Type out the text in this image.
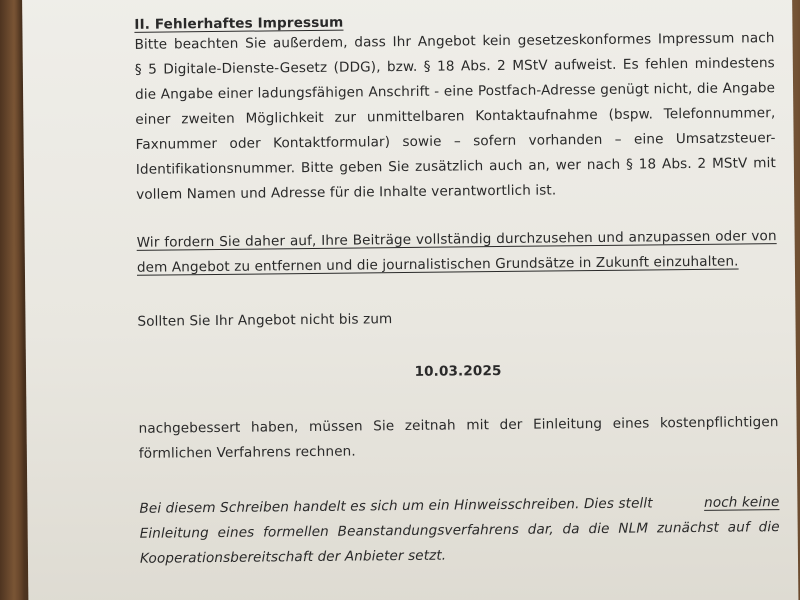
II. Fehlerhaftes Impressum
Bitte beachten Sie außerdem, dass Ihr Angebot kein gesetzeskonformes Impressum nach
§ 5 Digitale-Dienste-Gesetz (DDG), bzw. § 18 Abs. 2 MStV aufweist. Es fehlen mindestens
die Angabe einer ladungsfähigen Anschrift - eine Postfach-Adresse genügt nicht, die Angabe
einer zweiten Möglichkeit zur unmittelbaren Kontaktaufnahme (bspw. Telefonnummer,
Faxnummer oder Kontaktformular) sowie – sofern vorhanden – eine Umsatzsteuer-
Identifikationsnummer. Bitte geben Sie zusätzlich auch an, wer nach § 18 Abs. 2 MStV mit
vollem Namen und Adresse für die Inhalte verantwortlich ist.
Wir fordern Sie daher auf, Ihre Beiträge vollständig durchzusehen und anzupassen oder von
dem Angebot zu entfernen und die journalistischen Grundsätze in Zukunft einzuhalten.
Sollten Sie Ihr Angebot nicht bis zum
10.03.2025
nachgebessert haben, müssen Sie zeitnah mit der Einleitung eines kostenpflichtigen
förmlichen Verfahrens rechnen.
Bei diesem Schreiben handelt es sich um ein Hinweisschreiben. Dies stellt	noch keine
Einleitung eines formellen Beanstandungsverfahrens dar, da die NLM zunächst auf die
Kooperationsbereitschaft der Anbieter setzt.
